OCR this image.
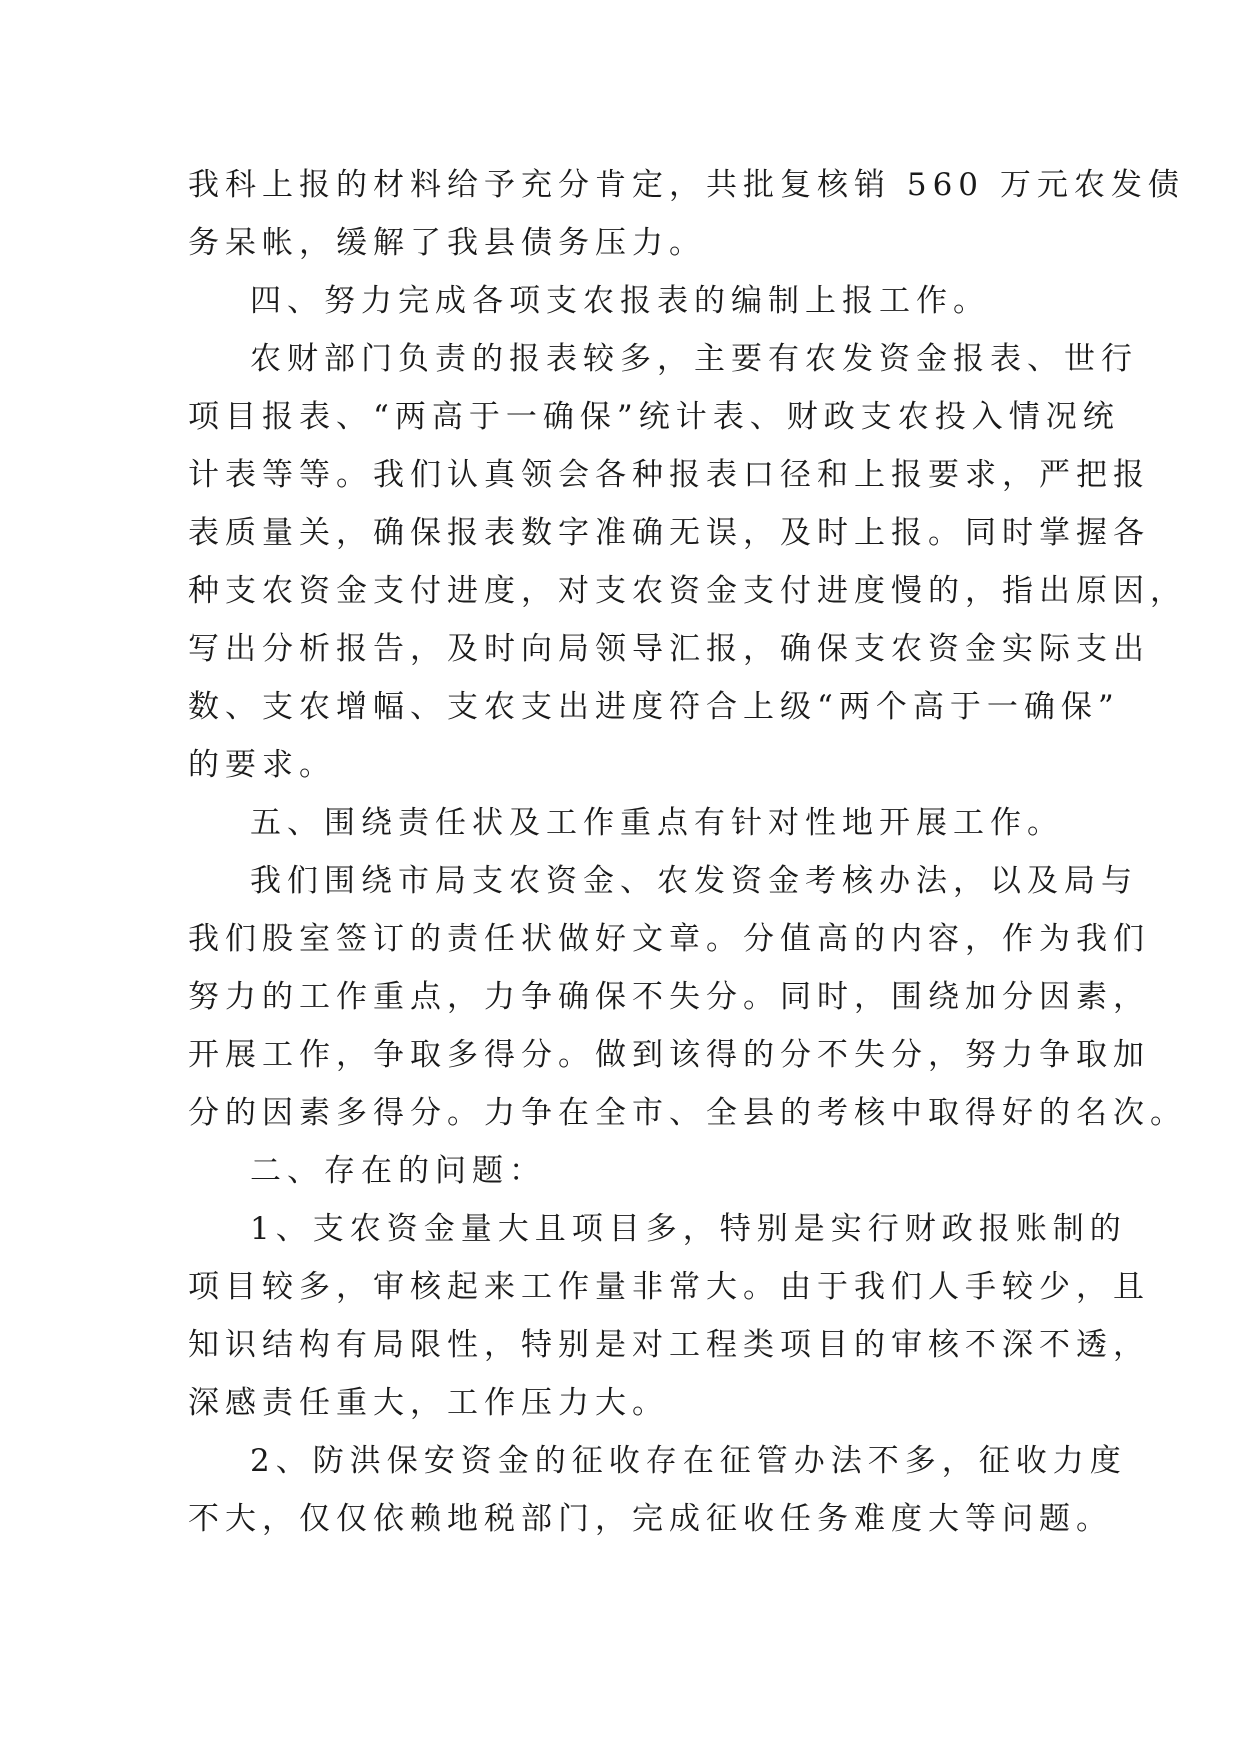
我科上报的材料给予充分肯定，共批复核销 560 万元农发债
务呆帐，缓解了我县债务压力。
四、努力完成各项支农报表的编制上报工作。
农财部门负责的报表较多，主要有农发资金报表、世行
项目报表、“两高于一确保”统计表、财政支农投入情况统
计表等等。我们认真领会各种报表口径和上报要求，严把报
表质量关，确保报表数字准确无误，及时上报。同时掌握各
种支农资金支付进度，对支农资金支付进度慢的，指出原因，
写出分析报告，及时向局领导汇报，确保支农资金实际支出
数、支农增幅、支农支出进度符合上级“两个高于一确保”
的要求。
五、围绕责任状及工作重点有针对性地开展工作。
我们围绕市局支农资金、农发资金考核办法，以及局与
我们股室签订的责任状做好文章。分值高的内容，作为我们
努力的工作重点，力争确保不失分。同时，围绕加分因素，
开展工作，争取多得分。做到该得的分不失分，努力争取加
分的因素多得分。力争在全市、全县的考核中取得好的名次。
二、存在的问题：
1、支农资金量大且项目多，特别是实行财政报账制的
项目较多，审核起来工作量非常大。由于我们人手较少，且
知识结构有局限性，特别是对工程类项目的审核不深不透，
深感责任重大，工作压力大。
2、防洪保安资金的征收存在征管办法不多，征收力度
不大，仅仅依赖地税部门，完成征收任务难度大等问题。
